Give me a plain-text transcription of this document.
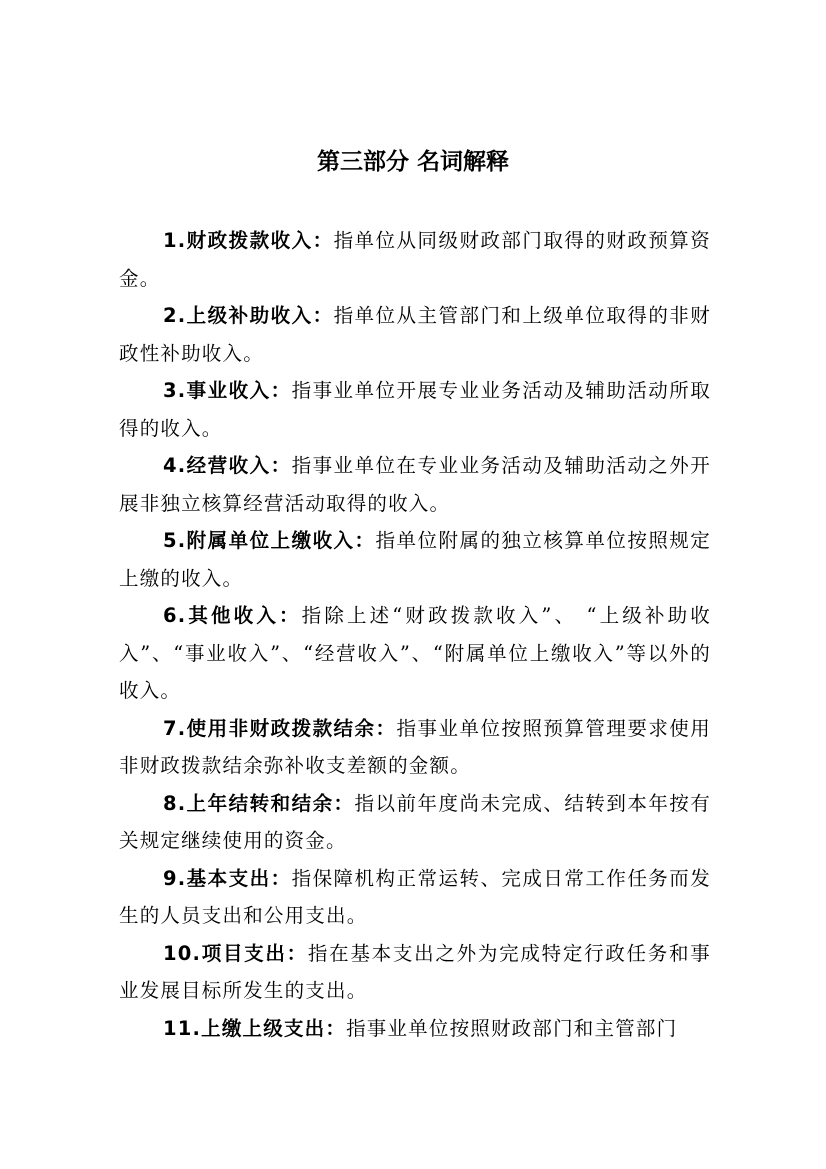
第三部分 名词解释

1.财政拨款收入：指单位从同级财政部门取得的财政预算资金。

2.上级补助收入：指单位从主管部门和上级单位取得的非财政性补助收入。

3.事业收入：指事业单位开展专业业务活动及辅助活动所取得的收入。

4.经营收入：指事业单位在专业业务活动及辅助活动之外开展非独立核算经营活动取得的收入。

5.附属单位上缴收入：指单位附属的独立核算单位按照规定上缴的收入。

6.其他收入：指除上述“财政拨款收入”、 “上级补助收入”、“事业收入”、“经营收入”、“附属单位上缴收入”等以外的收入。

7.使用非财政拨款结余：指事业单位按照预算管理要求使用非财政拨款结余弥补收支差额的金额。

8.上年结转和结余：指以前年度尚未完成、结转到本年按有关规定继续使用的资金。

9.基本支出：指保障机构正常运转、完成日常工作任务而发生的人员支出和公用支出。

10.项目支出：指在基本支出之外为完成特定行政任务和事业发展目标所发生的支出。

11.上缴上级支出：指事业单位按照财政部门和主管部门
